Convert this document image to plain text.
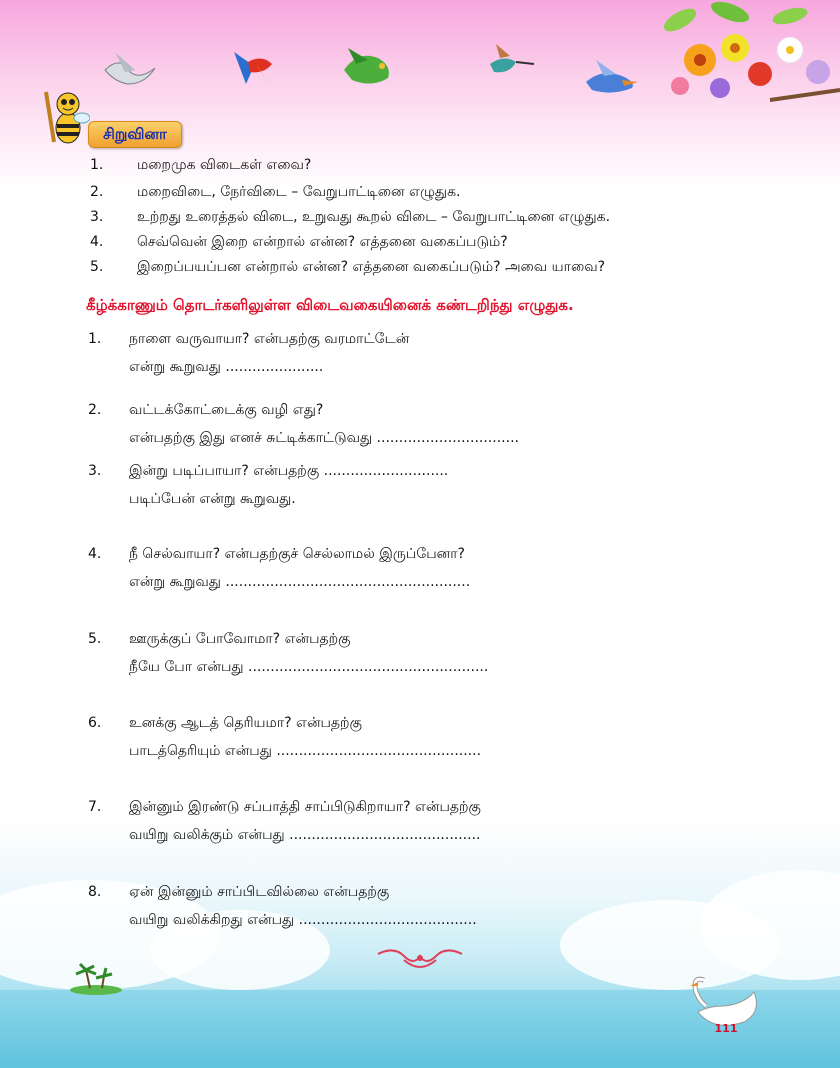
சிறுவினா
1.	மறைமுக விடைகள் எவை?
2.	மறைவிடை, நேர்விடை – வேறுபாட்டினை எழுதுக.
3.	உற்றது உரைத்தல் விடை, உறுவது கூறல் விடை – வேறுபாட்டினை எழுதுக.
4.	செவ்வென் இறை என்றால் என்ன? எத்தனை வகைப்படும்?
5.	இறைப்பயப்பன என்றால் என்ன? எத்தனை வகைப்படும்? அவை யாவை?
கீழ்க்காணும் தொடர்களிலுள்ள விடைவகையினைக் கண்டறிந்து எழுதுக.
1. நாளை வருவாயா? என்பதற்கு வரமாட்டேன்
என்று கூறுவது ......................
2. வட்டக்கோட்டைக்கு வழி எது?
என்பதற்கு இது எனச் சுட்டிக்காட்டுவது ................................
3. இன்று படிப்பாயா? என்பதற்கு ............................
படிப்பேன் என்று கூறுவது.
4. நீ செல்வாயா? என்பதற்குச் செல்லாமல் இருப்பேனா?
என்று கூறுவது .......................................................
5. ஊருக்குப் போவோமா? என்பதற்கு
நீயே போ என்பது ......................................................
6. உனக்கு ஆடத் தெரியமா? என்பதற்கு
பாடத்தெரியும் என்பது ..............................................
7. இன்னும் இரண்டு சப்பாத்தி சாப்பிடுகிறாயா? என்பதற்கு
வயிறு வலிக்கும் என்பது ...........................................
8. ஏன் இன்னும் சாப்பிடவில்லை என்பதற்கு
வயிறு வலிக்கிறது என்பது ........................................
111
